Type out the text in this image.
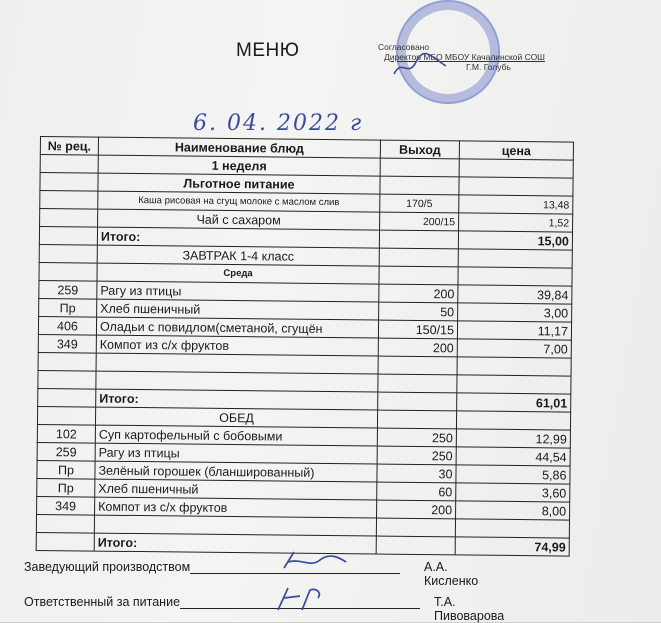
МЕНЮ	Согласовано
Директор МБО МБОУ Качалинской СОШ
Г.М. Голубь
6. 04. 2022 г
№ рец.	Наименование блюд	Выход	цена
	1 неделя		
	Льготное питание		
	Каша рисовая на сгущ молоке с маслом слив	170/5	13,48
	Чай с сахаром	200/15	1,52
	Итого:		15,00
	ЗАВТРАК 1-4 класс		
	Среда		
259	Рагу из птицы	200	39,84
Пр	Хлеб пшеничный	50	3,00
406	Оладьи с повидлом(сметаной, сгущён	150/15	11,17
349	Компот из с/х фруктов	200	7,00

	Итого:		61,01
	ОБЕД		
102	Суп картофельный с бобовыми	250	12,99
259	Рагу из птицы	250	44,54
Пр	Зелёный горошек (бланшированный)	30	5,86
Пр	Хлеб пшеничный	60	3,60
349	Компот из с/х фруктов	200	8,00

	Итого:		74,99
Заведующий производством	А.А. Кисленко
Ответственный за питание	Т.А. Пивоварова
